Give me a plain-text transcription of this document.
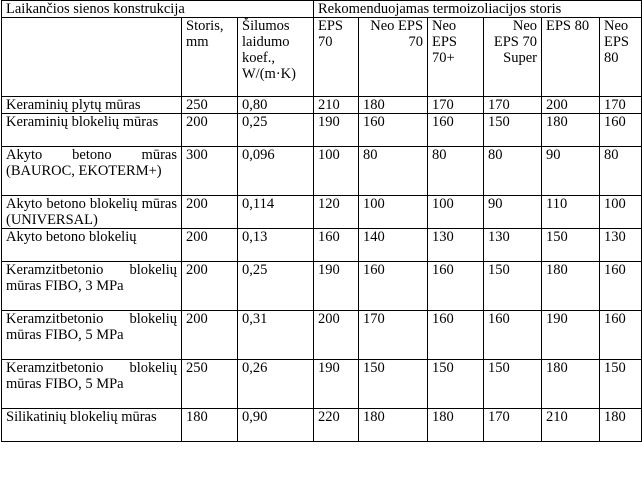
Laikančios sienos konstrukcija			Rekomenduojamas termoizoliacijos storis					
	Storis, mm	Šilumos laidumo koef., W/(m·K)	EPS 70	Neo EPS 70	Neo EPS 70+	Neo EPS 70 Super	EPS 80	Neo EPS 80
Keraminių plytų mūras	250	0,80	210	180	170	170	200	170
Keraminių blokelių mūras	200	0,25	190	160	160	150	180	160
Akyto betono mūras (BAUROC, EKOTERM+)	300	0,096	100	80	80	80	90	80
Akyto betono blokelių mūras (UNIVERSAL)	200	0,114	120	100	100	90	110	100
Akyto betono blokelių	200	0,13	160	140	130	130	150	130
Keramzitbetonio blokelių mūras FIBO, 3 MPa	200	0,25	190	160	160	150	180	160
Keramzitbetonio blokelių mūras FIBO, 5 MPa	200	0,31	200	170	160	160	190	160
Keramzitbetonio blokelių mūras FIBO, 5 MPa	250	0,26	190	150	150	150	180	150
Silikatinių blokelių mūras	180	0,90	220	180	180	170	210	180
